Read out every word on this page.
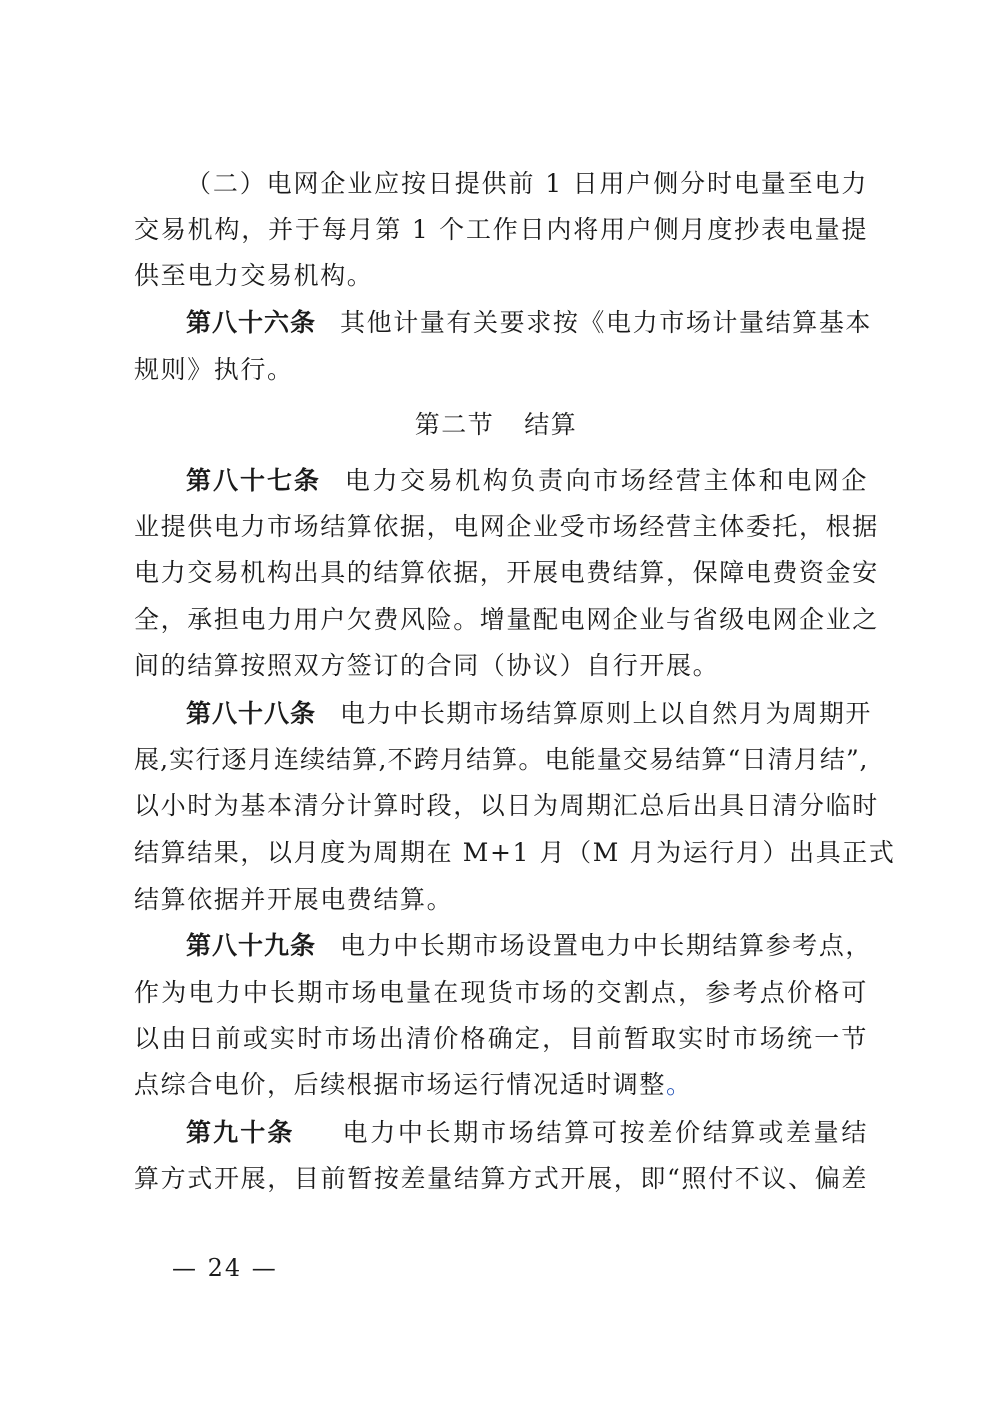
（二）电网企业应按日提供前 1 日用户侧分时电量至电力
交易机构，并于每月第 1 个工作日内将用户侧月度抄表电量提
供至电力交易机构。
第八十六条 其他计量有关要求按《电力市场计量结算基本
规则》执行。
第二节 结算
第八十七条 电力交易机构负责向市场经营主体和电网企
业提供电力市场结算依据，电网企业受市场经营主体委托，根据
电力交易机构出具的结算依据，开展电费结算，保障电费资金安
全，承担电力用户欠费风险。增量配电网企业与省级电网企业之
间的结算按照双方签订的合同（协议）自行开展。
第八十八条 电力中长期市场结算原则上以自然月为周期开
展,实行逐月连续结算,不跨月结算。电能量交易结算“日清月结”,
以小时为基本清分计算时段，以日为周期汇总后出具日清分临时
结算结果，以月度为周期在 M+1 月（M 月为运行月）出具正式
结算依据并开展电费结算。
第八十九条 电力中长期市场设置电力中长期结算参考点，
作为电力中长期市场电量在现货市场的交割点，参考点价格可
以由日前或实时市场出清价格确定，目前暂取实时市场统一节
点综合电价，后续根据市场运行情况适时调整。
第九十条 电力中长期市场结算可按差价结算或差量结
算方式开展，目前暂按差量结算方式开展，即“照付不议、偏差
— 24 —
